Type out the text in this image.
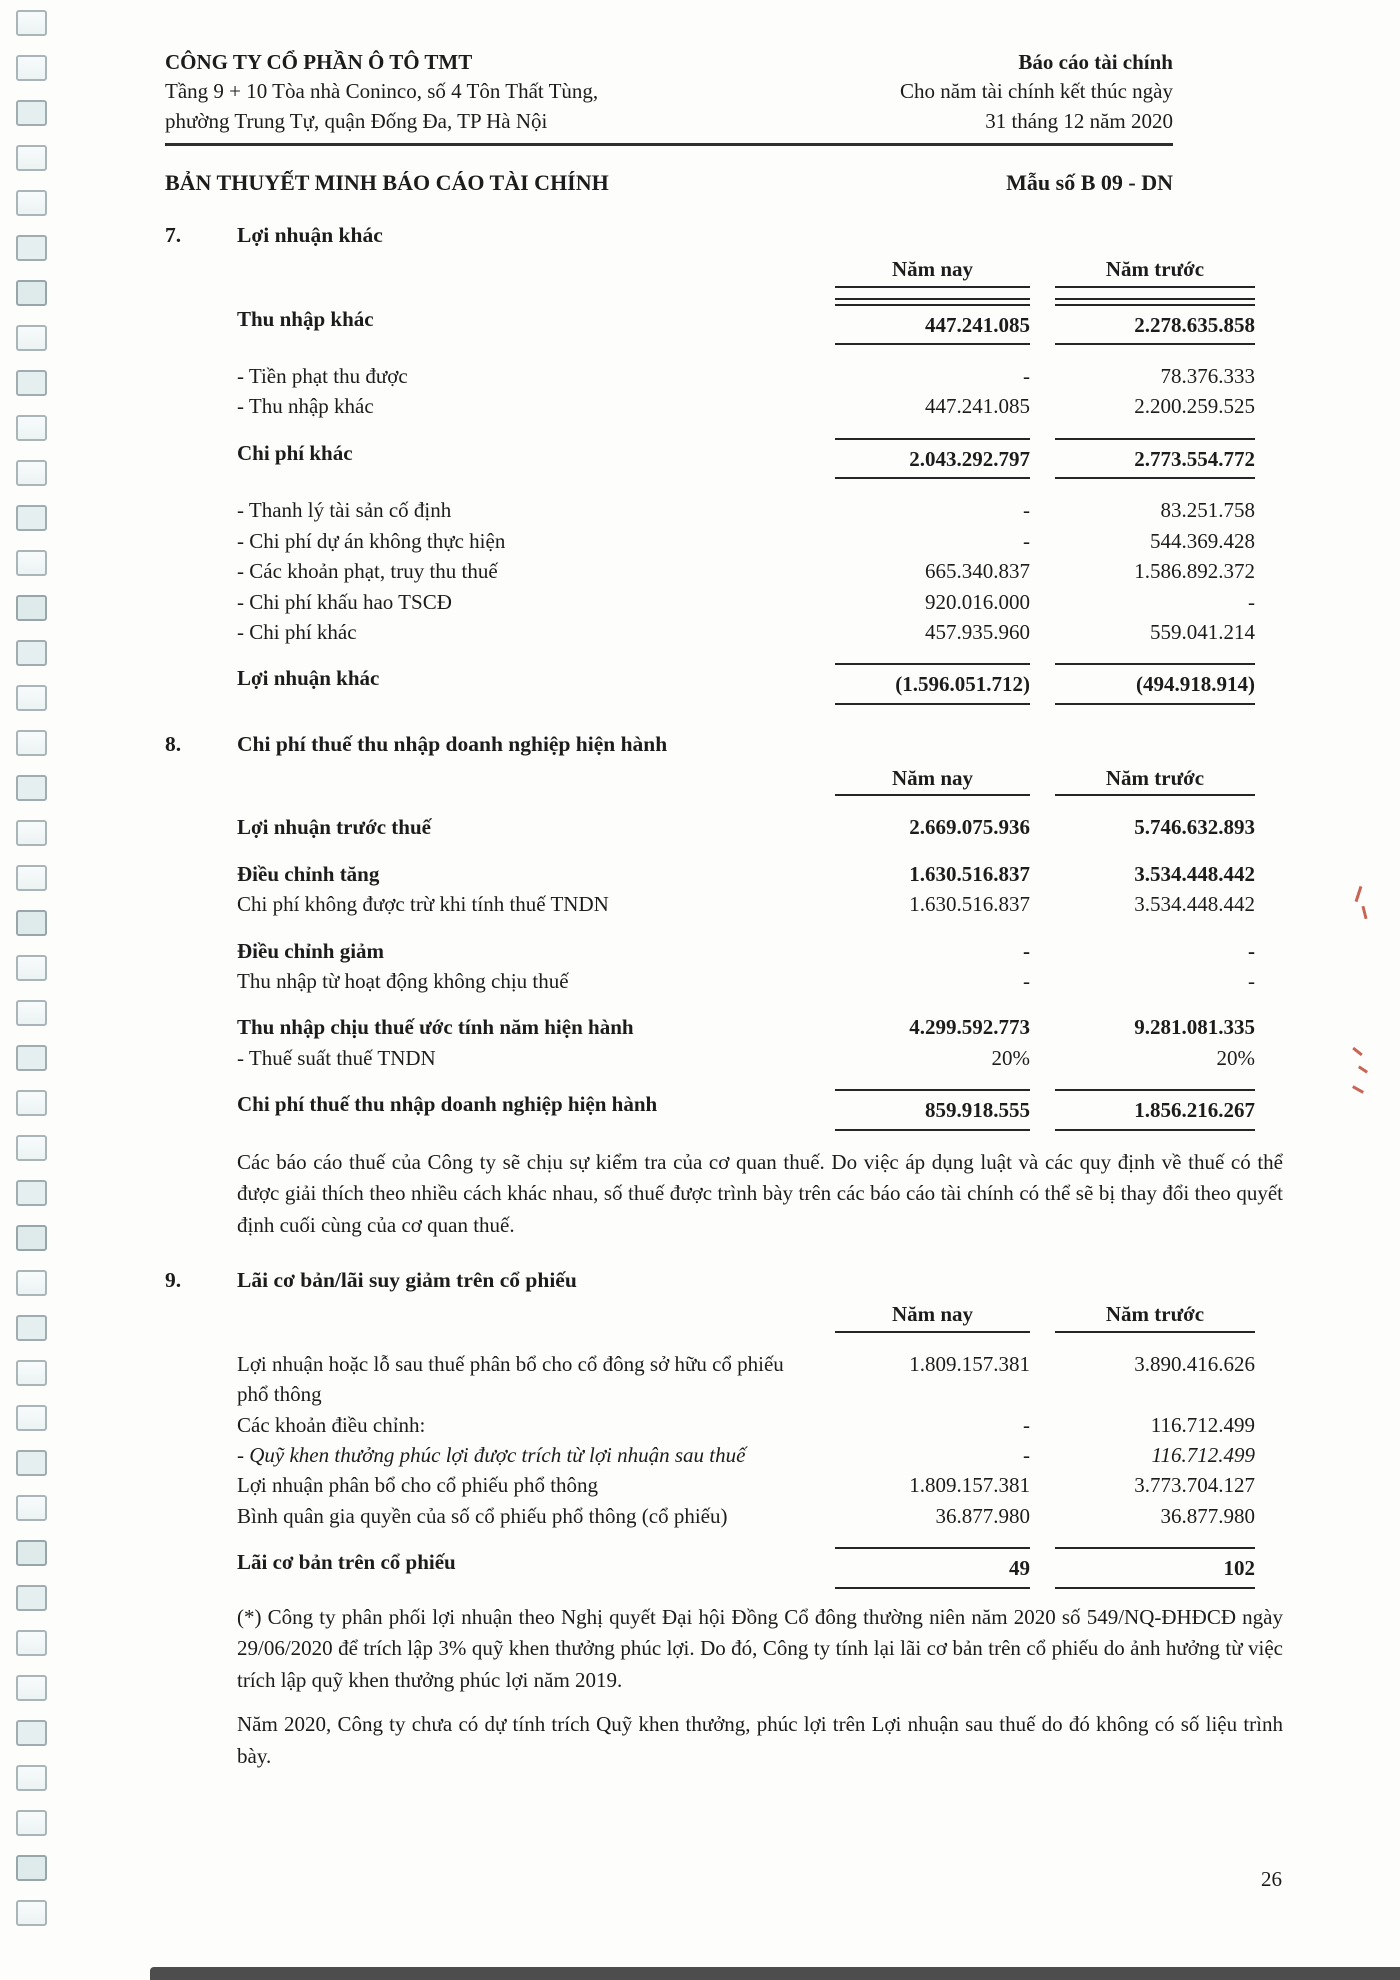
CÔNG TY CỔ PHẦN Ô TÔ TMT

Tầng 9 + 10 Tòa nhà Coninco, số 4 Tôn Thất Tùng,

phường Trung Tự, quận Đống Đa, TP Hà Nội

Báo cáo tài chính

Cho năm tài chính kết thúc ngày

31 tháng 12 năm 2020

BẢN THUYẾT MINH BÁO CÁO TÀI CHÍNH	Mẫu số B 09 - DN
7.	Lợi nhuận khác
Năm nay	Năm trước
Thu nhập khác	447.241.085	2.278.635.858
- Tiền phạt thu được	-	78.376.333
- Thu nhập khác	447.241.085	2.200.259.525
Chi phí khác	2.043.292.797	2.773.554.772
- Thanh lý tài sản cố định	-	83.251.758
- Chi phí dự án không thực hiện	-	544.369.428
- Các khoản phạt, truy thu thuế	665.340.837	1.586.892.372
- Chi phí khấu hao TSCĐ	920.016.000	-
- Chi phí khác	457.935.960	559.041.214
Lợi nhuận khác	(1.596.051.712)	(494.918.914)
8.	Chi phí thuế thu nhập doanh nghiệp hiện hành
Năm nay	Năm trước
Lợi nhuận trước thuế	2.669.075.936	5.746.632.893
Điều chỉnh tăng	1.630.516.837	3.534.448.442
Chi phí không được trừ khi tính thuế TNDN	1.630.516.837	3.534.448.442
Điều chỉnh giảm	-	-
Thu nhập từ hoạt động không chịu thuế	-	-
Thu nhập chịu thuế ước tính năm hiện hành	4.299.592.773	9.281.081.335
- Thuế suất thuế TNDN	20%	20%
Chi phí thuế thu nhập doanh nghiệp hiện hành	859.918.555	1.856.216.267

Các báo cáo thuế của Công ty sẽ chịu sự kiểm tra của cơ quan thuế. Do việc áp dụng luật và các quy định về thuế có thể được giải thích theo nhiều cách khác nhau, số thuế được trình bày trên các báo cáo tài chính có thể sẽ bị thay đổi theo quyết định cuối cùng của cơ quan thuế.

9.	Lãi cơ bản/lãi suy giảm trên cổ phiếu
Năm nay	Năm trước
Lợi nhuận hoặc lỗ sau thuế phân bổ cho cổ đông sở hữu cổ phiếu phổ thông
1.809.157.381	3.890.416.626
Các khoản điều chỉnh:	-	116.712.499
- Quỹ khen thưởng phúc lợi được trích từ lợi nhuận sau thuế	-	116.712.499
Lợi nhuận phân bổ cho cổ phiếu phổ thông	1.809.157.381	3.773.704.127
Bình quân gia quyền của số cổ phiếu phổ thông (cổ phiếu)	36.877.980	36.877.980
Lãi cơ bản trên cổ phiếu	49	102

(*) Công ty phân phối lợi nhuận theo Nghị quyết Đại hội Đồng Cổ đông thường niên năm 2020 số 549/NQ-ĐHĐCĐ ngày 29/06/2020 để trích lập 3% quỹ khen thưởng phúc lợi. Do đó, Công ty tính lại lãi cơ bản trên cổ phiếu do ảnh hưởng từ việc trích lập quỹ khen thưởng phúc lợi năm 2019.

Năm 2020, Công ty chưa có dự tính trích Quỹ khen thưởng, phúc lợi trên Lợi nhuận sau thuế do đó không có số liệu trình bày.

26
